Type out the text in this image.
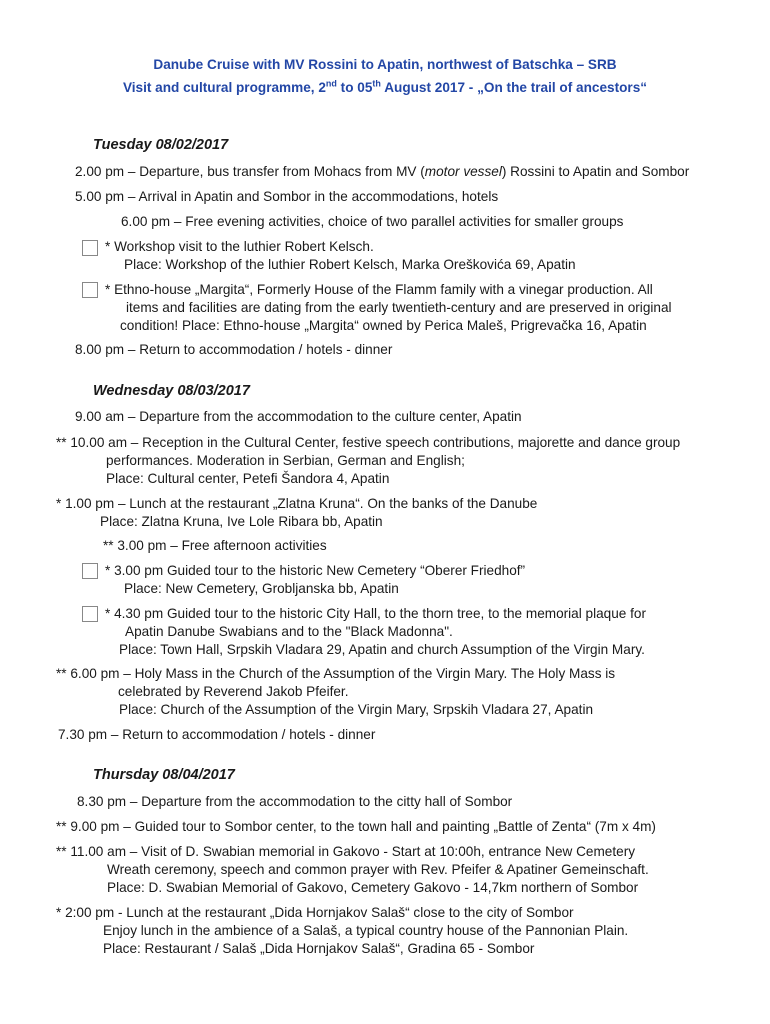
Danube Cruise with MV Rossini to Apatin, northwest of Batschka – SRB
Visit and cultural programme, 2nd to 05th August 2017 - „On the trail of ancestors“
Tuesday 08/02/2017
2.00 pm – Departure, bus transfer from Mohacs from MV (motor vessel) Rossini to Apatin and Sombor
5.00 pm – Arrival in Apatin and Sombor in the accommodations, hotels
6.00 pm – Free evening activities, choice of two parallel activities for smaller groups
* Workshop visit to the luthier Robert Kelsch.
Place: Workshop of the luthier Robert Kelsch, Marka Oreškovića 69, Apatin
* Ethno-house „Margita“, Formerly House of the Flamm family with a vinegar production. All
items and facilities are dating from the early twentieth-century and are preserved in original
condition! Place: Ethno-house „Margita“ owned by Perica Maleš, Prigrevačka 16, Apatin
8.00 pm – Return to accommodation / hotels - dinner
Wednesday 08/03/2017
9.00 am – Departure from the accommodation to the culture center, Apatin
** 10.00 am – Reception in the Cultural Center, festive speech contributions, majorette and dance group
performances. Moderation in Serbian, German and English;
Place: Cultural center, Petefi Šandora 4, Apatin
* 1.00 pm – Lunch at the restaurant „Zlatna Kruna“. On the banks of the Danube
Place: Zlatna Kruna, Ive Lole Ribara bb, Apatin
** 3.00 pm – Free afternoon activities
* 3.00 pm Guided tour to the historic New Cemetery “Oberer Friedhof”
Place: New Cemetery, Grobljanska bb, Apatin
* 4.30 pm Guided tour to the historic City Hall, to the thorn tree, to the memorial plaque for
Apatin Danube Swabians and to the "Black Madonna".
Place: Town Hall, Srpskih Vladara 29, Apatin and church Assumption of the Virgin Mary.
** 6.00 pm – Holy Mass in the Church of the Assumption of the Virgin Mary. The Holy Mass is
celebrated by Reverend Jakob Pfeifer.
Place: Church of the Assumption of the Virgin Mary, Srpskih Vladara 27, Apatin
7.30 pm – Return to accommodation / hotels - dinner
Thursday 08/04/2017
8.30 pm – Departure from the accommodation to the citty hall of Sombor
** 9.00 pm – Guided tour to Sombor center, to the town hall and painting „Battle of Zenta“ (7m x 4m)
** 11.00 am – Visit of D. Swabian memorial in Gakovo - Start at 10:00h, entrance New Cemetery
Wreath ceremony, speech and common prayer with Rev. Pfeifer & Apatiner Gemeinschaft.
Place: D. Swabian Memorial of Gakovo, Cemetery Gakovo - 14,7km northern of Sombor
* 2:00 pm - Lunch at the restaurant „Dida Hornjakov Salaš“ close to the city of Sombor
Enjoy lunch in the ambience of a Salaš, a typical country house of the Pannonian Plain.
Place: Restaurant / Salaš „Dida Hornjakov Salaš“, Gradina 65 - Sombor
